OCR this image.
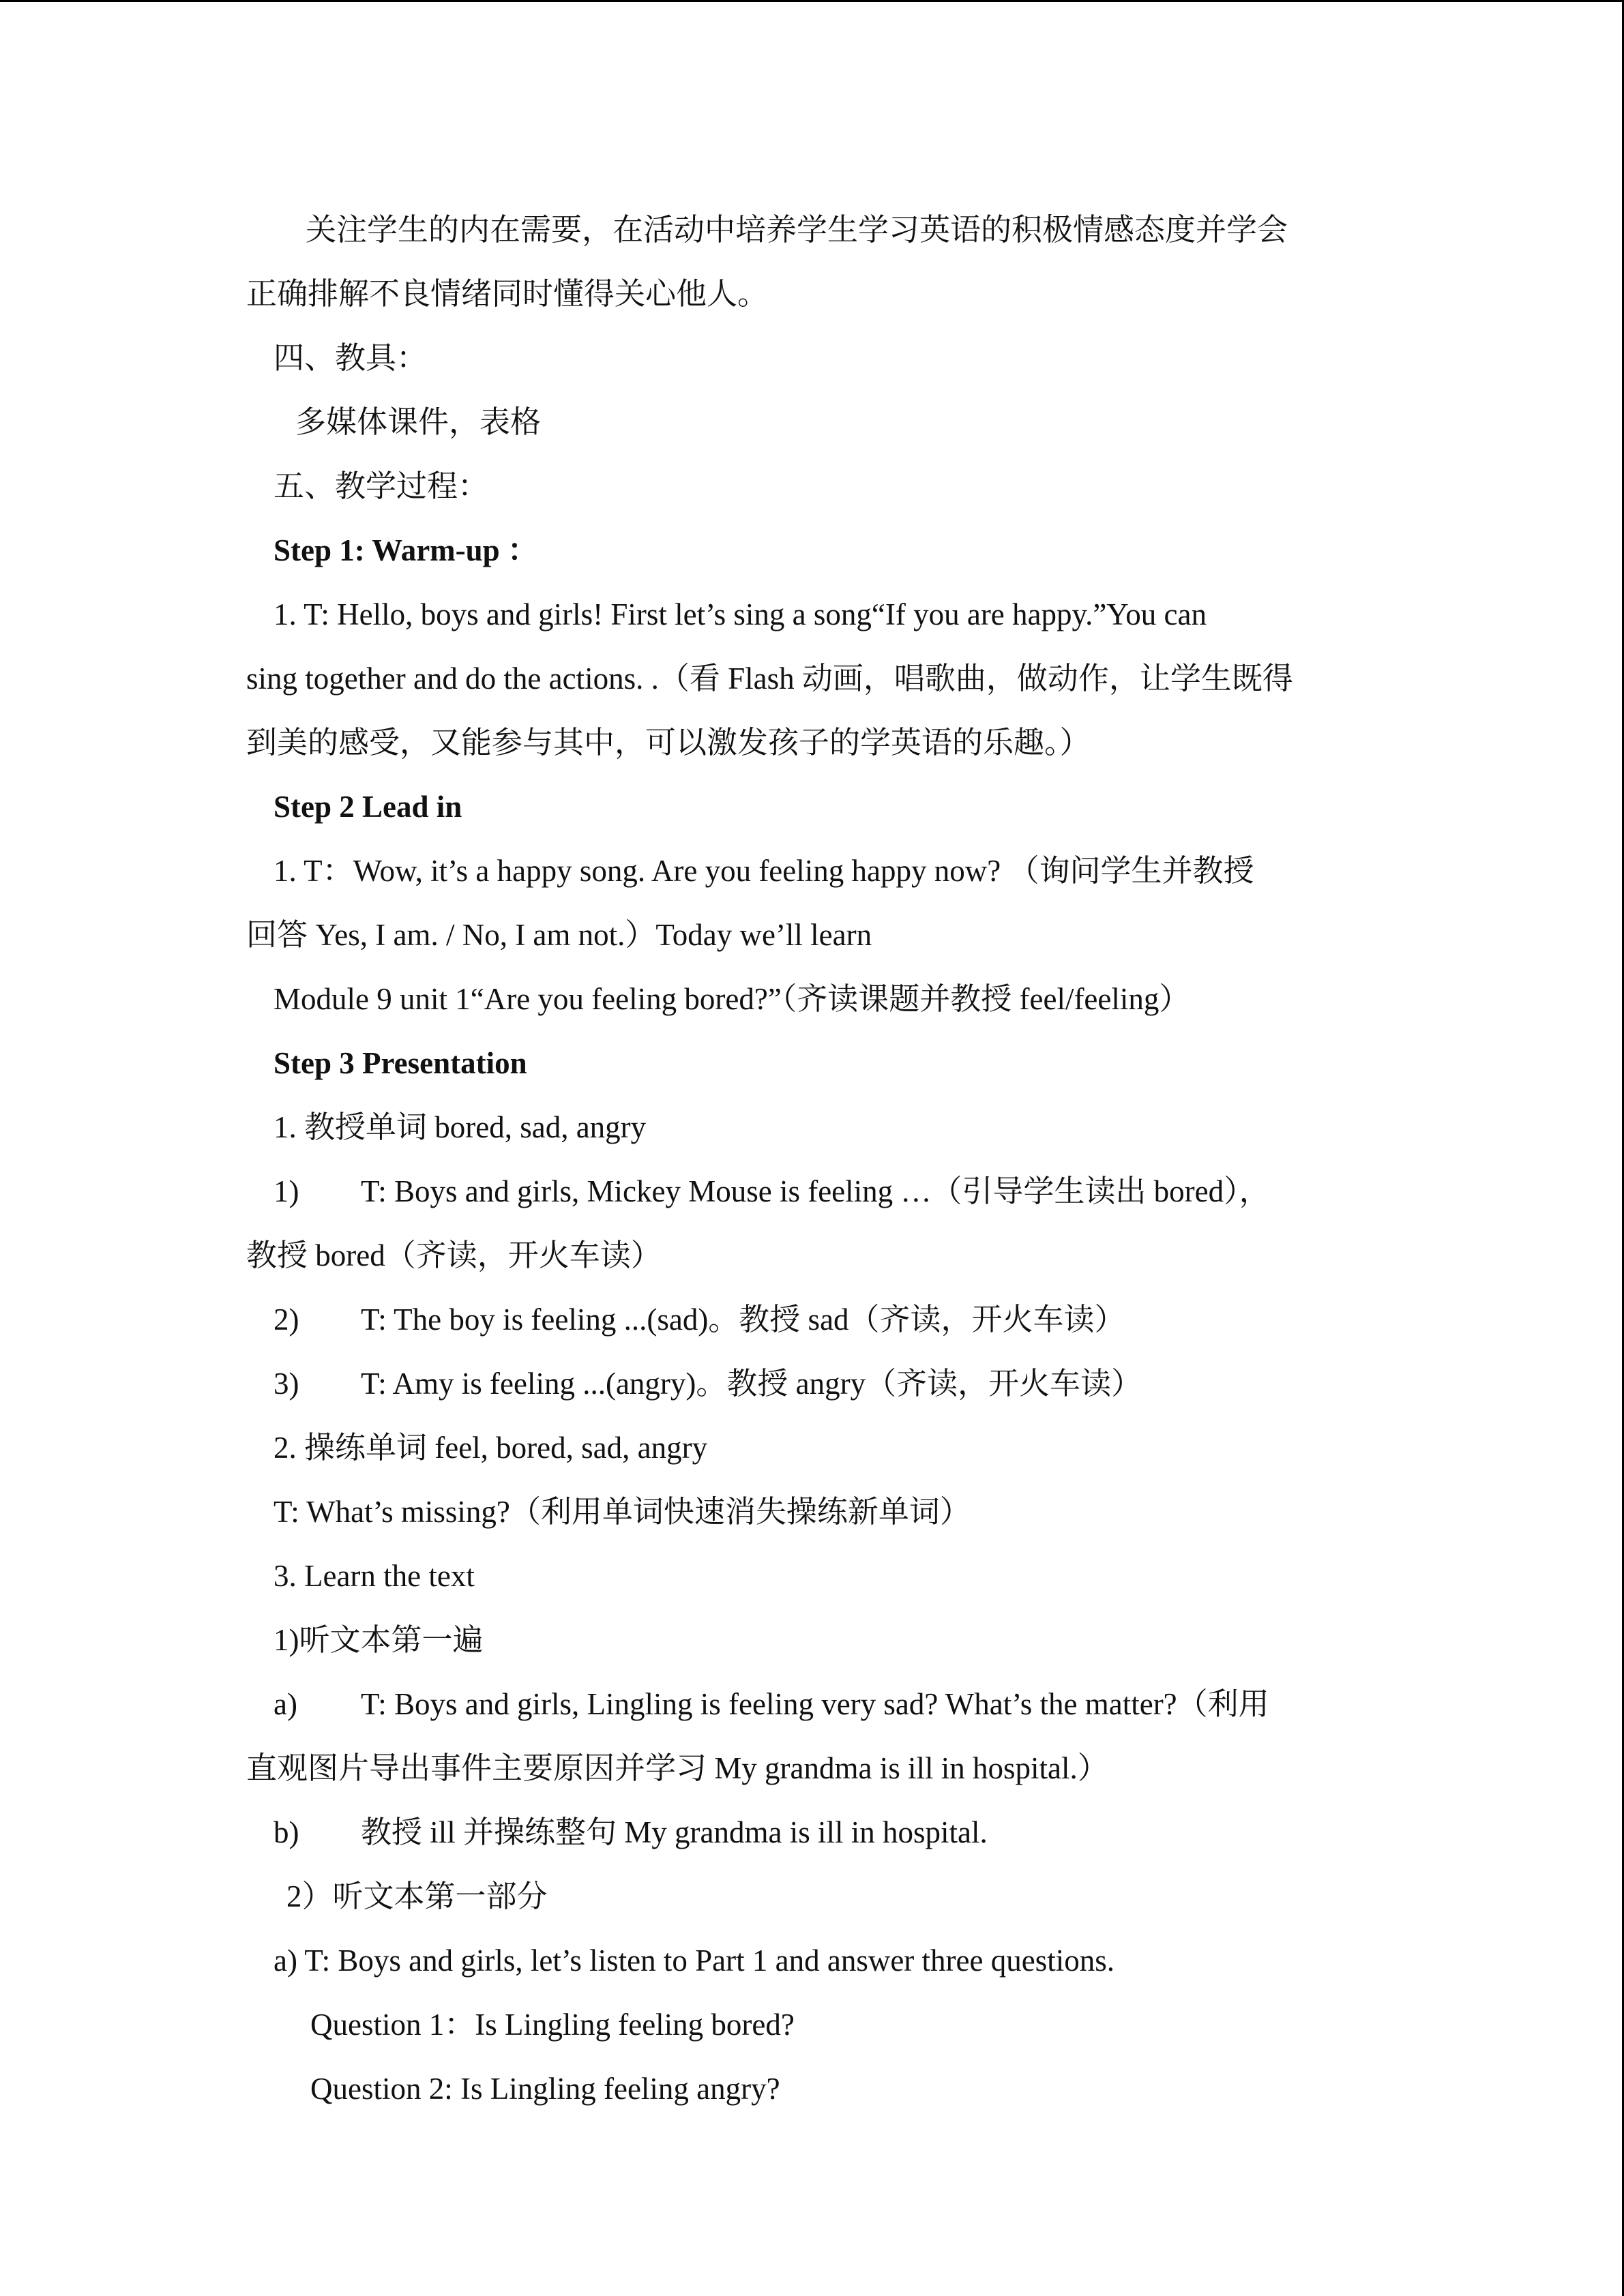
关注学生的内在需要，在活动中培养学生学习英语的积极情感态度并学会
正确排解不良情绪同时懂得关心他人。
四、教具：
多媒体课件，表格
五、教学过程：
Step 1: Warm-up ：
1. T: Hello, boys and girls! First let’s sing a song“If you are happy.”You can
sing together and do the actions. .（看 Flash 动画，唱歌曲，做动作，让学生既得
到美的感受，又能参与其中，可以激发孩子的学英语的乐趣。）
Step 2 Lead in
1. T：Wow, it’s a happy song. Are you feeling happy now? （询问学生并教授
回答 Yes, I am. / No, I am not.）Today we’ll learn
Module 9 unit 1“Are you feeling bored?”（齐读课题并教授 feel/feeling）
Step 3 Presentation
1. 教授单词 bored, sad, angry
1) T: Boys and girls, Mickey Mouse is feeling …（引导学生读出 bored），
教授 bored（齐读，开火车读）
2) T: The boy is feeling ...(sad)。教授 sad（齐读，开火车读）
3) T: Amy is feeling ...(angry)。教授 angry（齐读，开火车读）
2. 操练单词 feel, bored, sad, angry
T: What’s missing?（利用单词快速消失操练新单词）
3. Learn the text
1)听文本第一遍
a) T: Boys and girls, Lingling is feeling very sad? What’s the matter?（利用
直观图片导出事件主要原因并学习 My grandma is ill in hospital.）
b) 教授 ill 并操练整句 My grandma is ill in hospital.
2）听文本第一部分
a) T: Boys and girls, let’s listen to Part 1 and answer three questions.
Question 1：Is Lingling feeling bored?
Question 2: Is Lingling feeling angry?
